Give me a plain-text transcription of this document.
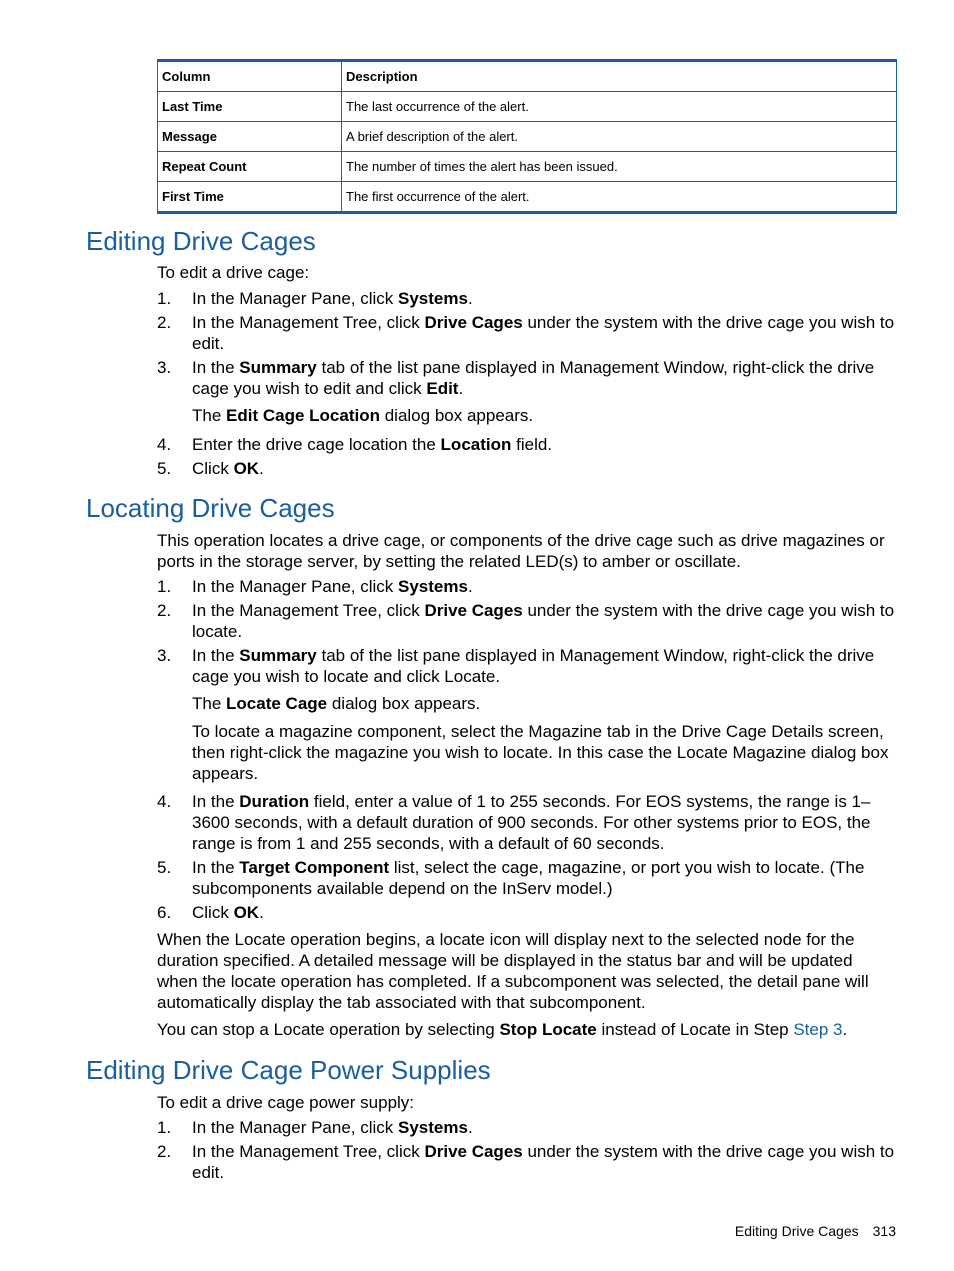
Column	Description
Last Time	The last occurrence of the alert.
Message	A brief description of the alert.
Repeat Count	The number of times the alert has been issued.
First Time	The first occurrence of the alert.
Editing Drive Cages

To edit a drive cage:

1. In the Manager Pane, click Systems.
2. In the Management Tree, click Drive Cages under the system with the drive cage you wish to edit.
3. In the Summary tab of the list pane displayed in Management Window, right-click the drive cage you wish to edit and click Edit.
The Edit Cage Location dialog box appears.
4. Enter the drive cage location the Location field.
5. Click OK.
Locating Drive Cages

This operation locates a drive cage, or components of the drive cage such as drive magazines or ports in the storage server, by setting the related LED(s) to amber or oscillate.

1. In the Manager Pane, click Systems.
2. In the Management Tree, click Drive Cages under the system with the drive cage you wish to locate.
3. In the Summary tab of the list pane displayed in Management Window, right-click the drive cage you wish to locate and click Locate.
The Locate Cage dialog box appears.
To locate a magazine component, select the Magazine tab in the Drive Cage Details screen, then right-click the magazine you wish to locate. In this case the Locate Magazine dialog box appears.
4. In the Duration field, enter a value of 1 to 255 seconds. For EOS systems, the range is 1–3600 seconds, with a default duration of 900 seconds. For other systems prior to EOS, the range is from 1 and 255 seconds, with a default of 60 seconds.
5. In the Target Component list, select the cage, magazine, or port you wish to locate. (The subcomponents available depend on the InServ model.)
6. Click OK.

When the Locate operation begins, a locate icon will display next to the selected node for the duration specified. A detailed message will be displayed in the status bar and will be updated when the locate operation has completed. If a subcomponent was selected, the detail pane will automatically display the tab associated with that subcomponent.

You can stop a Locate operation by selecting Stop Locate instead of Locate in Step Step 3.

Editing Drive Cage Power Supplies

To edit a drive cage power supply:

1. In the Manager Pane, click Systems.
2. In the Management Tree, click Drive Cages under the system with the drive cage you wish to edit.
Editing Drive Cages 313
